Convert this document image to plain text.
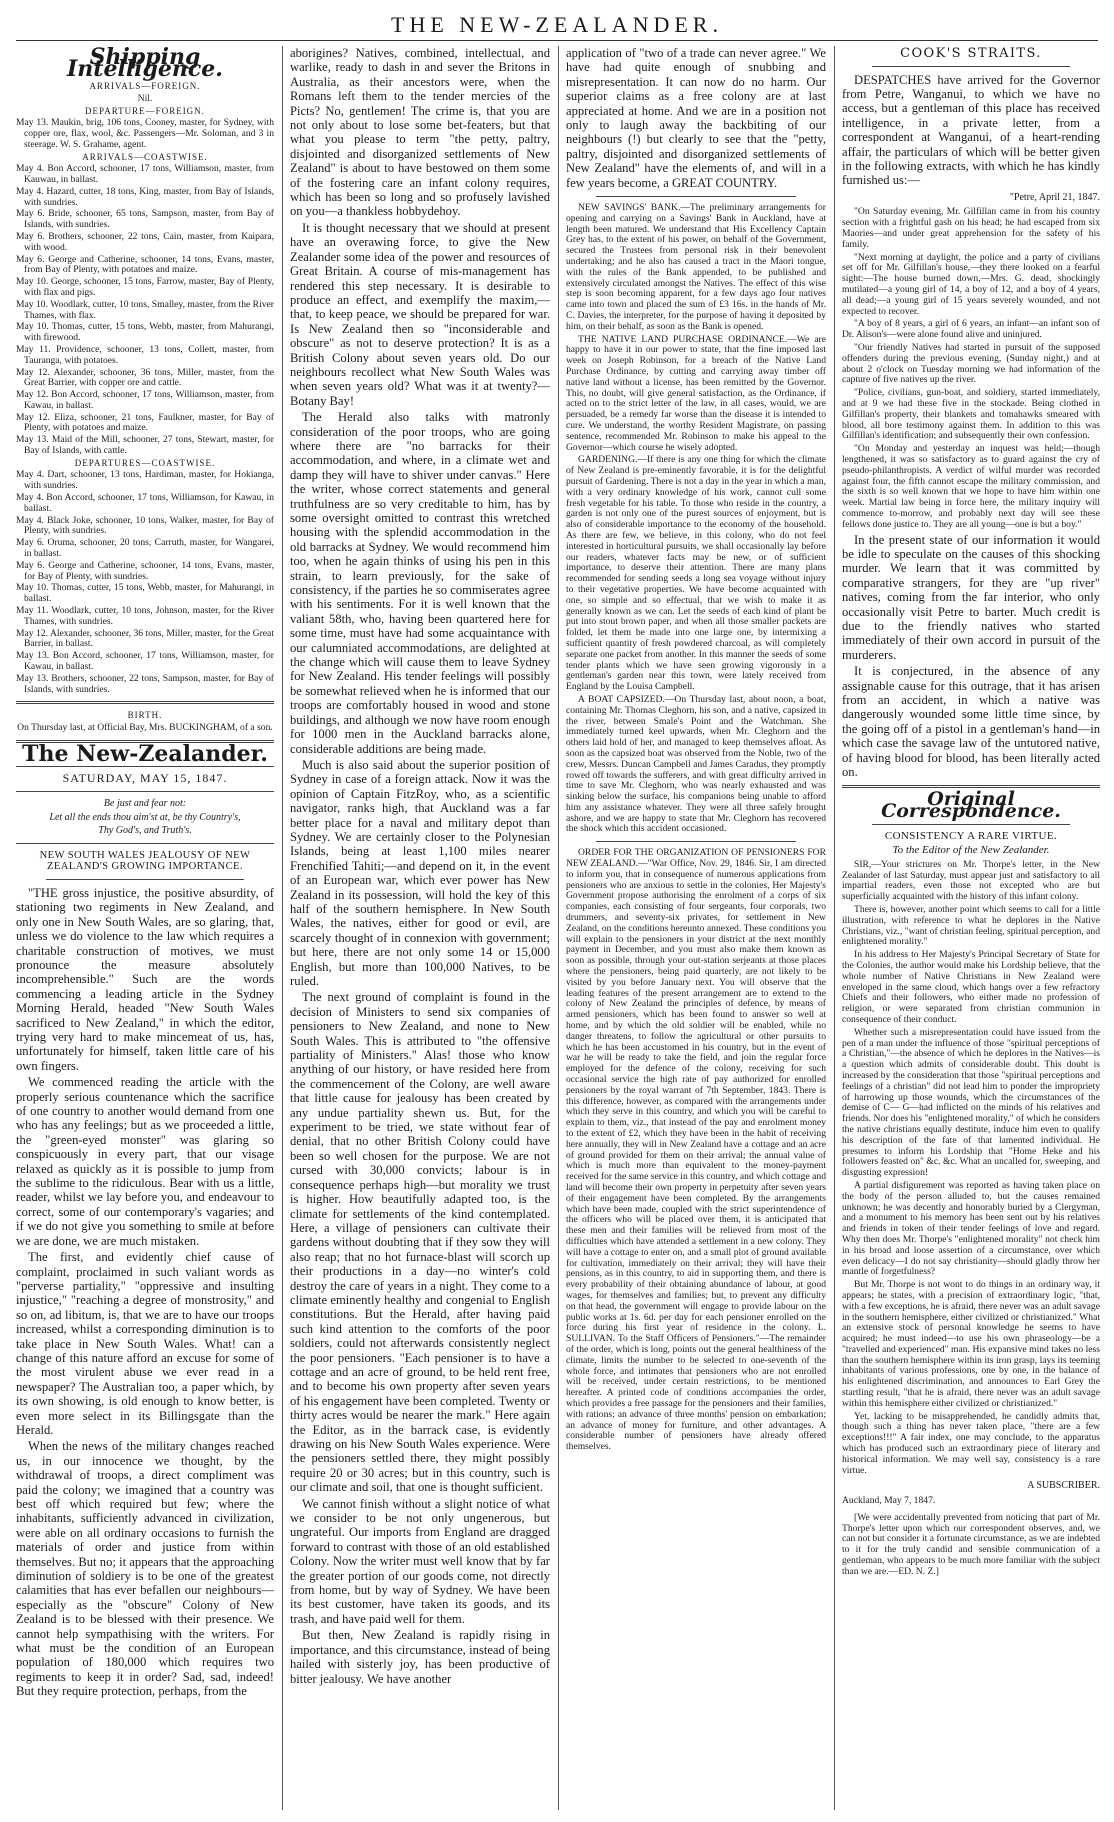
THE NEW-ZEALANDER.
Shipping Intelligence.
ARRIVALS—FOREIGN.
Nil.
DEPARTURE—FOREIGN.
May 13. Maukin, brig, 106 tons, Cooney, master, for Sydney, with copper ore, flax, wool, &c. Passengers—Mr. Soloman, and 3 in steerage. W. S. Grahame, agent.
ARRIVALS—COASTWISE.
May 4. Bon Accord, schooner, 17 tons, Williamson, master, from Kauwau, in ballast.
May 4. Hazard, cutter, 18 tons, King, master, from Bay of Islands, with sundries.
May 6. Bride, schooner, 65 tons, Sampson, master, from Bay of Islands, with sundries.
May 6. Brothers, schooner, 22 tons, Cain, master, from Kaipara, with wood.
May 6. George and Catherine, schooner, 14 tons, Evans, master, from Bay of Plenty, with potatoes and maize.
May 10. George, schooner, 15 tons, Farrow, master, Bay of Plenty, with flax and pigs.
May 10. Woodlark, cutter, 10 tons, Smalley, master, from the River Thames, with flax.
May 10. Thomas, cutter, 15 tons, Webb, master, from Mahurangi, with firewood.
May 11. Providence, schooner, 13 tons, Collett, master, from Tauranga, with potatoes.
May 12. Alexander, schooner, 36 tons, Miller, master, from the Great Barrier, with copper ore and cattle.
May 12. Bon Accord, schooner, 17 tons, Williamson, master, from Kawau, in ballast.
May 12. Eliza, schooner, 21 tons, Faulkner, master, for Bay of Plenty, with potatoes and maize.
May 13. Maid of the Mill, schooner, 27 tons, Stewart, master, for Bay of Islands, with cattle.
DEPARTURES—COASTWISE.
May 4. Dart, schooner, 13 tons, Hardiman, master, for Hokianga, with sundries.
May 4. Bon Accord, schooner, 17 tons, Williamson, for Kawau, in ballast.
May 4. Black Joke, schooner, 10 tons, Walker, master, for Bay of Plenty, with sundries.
May 6. Oruma, schooner, 20 tons, Carruth, master, for Wangarei, in ballast.
May 6. George and Catherine, schooner, 14 tons, Evans, master, for Bay of Plenty, with sundries.
May 10. Thomas, cutter, 15 tons, Webb, master, for Mahurangi, in ballast.
May 11. Woodlark, cutter, 10 tons, Johnson, master, for the River Thames, with sundries.
May 12. Alexander, schooner, 36 tons, Miller, master, for the Great Barrier, in ballast.
May 13. Bon Accord, schooner, 17 tons, Williamson, master, for Kawau, in ballast.
May 13. Brothers, schooner, 22 tons, Sampson, master, for Bay of Islands, with sundries.
BIRTH.
On Thursday last, at Official Bay, Mrs. BUCKINGHAM, of a son.
The New-Zealander.
SATURDAY, MAY 15, 1847.
Be just and fear not:
Let all the ends thou aim'st at, be thy Country's,
Thy God's, and Truth's.
NEW SOUTH WALES JEALOUSY OF NEW ZEALAND'S GROWING IMPORTANCE.

"THE gross injustice, the positive absurdity, of stationing two regiments in New Zealand, and only one in New South Wales, are so glaring, that, unless we do violence to the law which requires a charitable construction of motives, we must pronounce the measure absolutely incomprehensible." Such are the words commencing a leading article in the Sydney Morning Herald, headed "New South Wales sacrificed to New Zealand," in which the editor, trying very hard to make mincemeat of us, has, unfortunately for himself, taken little care of his own fingers.

We commenced reading the article with the properly serious countenance which the sacrifice of one country to another would demand from one who has any feelings; but as we proceeded a little, the "green-eyed monster" was glaring so conspicuously in every part, that our visage relaxed as quickly as it is possible to jump from the sublime to the ridiculous. Bear with us a little, reader, whilst we lay before you, and endeavour to correct, some of our contemporary's vagaries; and if we do not give you something to smile at before we are done, we are much mistaken.

The first, and evidently chief cause of complaint, proclaimed in such valiant words as "perverse partiality," "oppressive and insulting injustice," "reaching a degree of monstrosity," and so on, ad libitum, is, that we are to have our troops increased, whilst a corresponding diminution is to take place in New South Wales. What! can a change of this nature afford an excuse for some of the most virulent abuse we ever read in a newspaper? The Australian too, a paper which, by its own showing, is old enough to know better, is even more select in its Billingsgate than the Herald.

When the news of the military changes reached us, in our innocence we thought, by the withdrawal of troops, a direct compliment was paid the colony; we imagined that a country was best off which required but few; where the inhabitants, sufficiently advanced in civilization, were able on all ordinary occasions to furnish the materials of order and justice from within themselves. But no; it appears that the approaching diminution of soldiery is to be one of the greatest calamities that has ever befallen our neighbours—especially as the "obscure" Colony of New Zealand is to be blessed with their presence. We cannot help sympathising with the writers. For what must be the condition of an European population of 180,000 which requires two regiments to keep it in order? Sad, sad, indeed! But they require protection, perhaps, from the

aborigines? Natives, combined, intellectual, and warlike, ready to dash in and sever the Britons in Australia, as their ancestors were, when the Romans left them to the tender mercies of the Picts? No, gentlemen! The crime is, that you are not only about to lose some bet-featers, but that what you please to term "the petty, paltry, disjointed and disorganized settlements of New Zealand" is about to have bestowed on them some of the fostering care an infant colony requires, which has been so long and so profusely lavished on you—a thankless hobbydehoy.

It is thought necessary that we should at present have an overawing force, to give the New Zealander some idea of the power and resources of Great Britain. A course of mis-management has rendered this step necessary. It is desirable to produce an effect, and exemplify the maxim,—that, to keep peace, we should be prepared for war. Is New Zealand then so "inconsiderable and obscure" as not to deserve protection? It is as a British Colony about seven years old. Do our neighbours recollect what New South Wales was when seven years old? What was it at twenty?—Botany Bay!

The Herald also talks with matronly consideration of the poor troops, who are going where there are "no barracks for their accommodation, and where, in a climate wet and damp they will have to shiver under canvas." Here the writer, whose correct statements and general truthfulness are so very creditable to him, has by some oversight omitted to contrast this wretched housing with the splendid accommodation in the old barracks at Sydney. We would recommend him too, when he again thinks of using his pen in this strain, to learn previously, for the sake of consistency, if the parties he so commiserates agree with his sentiments. For it is well known that the valiant 58th, who, having been quartered here for some time, must have had some acquaintance with our calumniated accommodations, are delighted at the change which will cause them to leave Sydney for New Zealand. His tender feelings will possibly be somewhat relieved when he is informed that our troops are comfortably housed in wood and stone buildings, and although we now have room enough for 1000 men in the Auckland barracks alone, considerable additions are being made.

Much is also said about the superior position of Sydney in case of a foreign attack. Now it was the opinion of Captain FitzRoy, who, as a scientific navigator, ranks high, that Auckland was a far better place for a naval and military depot than Sydney. We are certainly closer to the Polynesian Islands, being at least 1,100 miles nearer Frenchified Tahiti;—and depend on it, in the event of an European war, which ever power has New Zealand in its possession, will hold the key of this half of the southern hemisphere. In New South Wales, the natives, either for good or evil, are scarcely thought of in connexion with government; but here, there are not only some 14 or 15,000 English, but more than 100,000 Natives, to be ruled.

The next ground of complaint is found in the decision of Ministers to send six companies of pensioners to New Zealand, and none to New South Wales. This is attributed to "the offensive partiality of Ministers." Alas! those who know anything of our history, or have resided here from the commencement of the Colony, are well aware that little cause for jealousy has been created by any undue partiality shewn us. But, for the experiment to be tried, we state without fear of denial, that no other British Colony could have been so well chosen for the purpose. We are not cursed with 30,000 convicts; labour is in consequence perhaps high—but morality we trust is higher. How beautifully adapted too, is the climate for settlements of the kind contemplated. Here, a village of pensioners can cultivate their gardens without doubting that if they sow they will also reap; that no hot furnace-blast will scorch up their productions in a day—no winter's cold destroy the care of years in a night. They come to a climate eminently healthy and congenial to English constitutions. But the Herald, after having paid such kind attention to the comforts of the poor soldiers, could not afterwards consistently neglect the poor pensioners. "Each pensioner is to have a cottage and an acre of ground, to be held rent free, and to become his own property after seven years of his engagement have been completed. Twenty or thirty acres would be nearer the mark." Here again the Editor, as in the barrack case, is evidently drawing on his New South Wales experience. Were the pensioners settled there, they might possibly require 20 or 30 acres; but in this country, such is our climate and soil, that one is thought sufficient.

We cannot finish without a slight notice of what we consider to be not only ungenerous, but ungrateful. Our imports from England are dragged forward to contrast with those of an old established Colony. Now the writer must well know that by far the greater portion of our goods come, not directly from home, but by way of Sydney. We have been its best customer, have taken its goods, and its trash, and have paid well for them.

But then, New Zealand is rapidly rising in importance, and this circumstance, instead of being hailed with sisterly joy, has been productive of bitter jealousy. We have another

application of "two of a trade can never agree." We have had quite enough of snubbing and misrepresentation. It can now do no harm. Our superior claims as a free colony are at last appreciated at home. And we are in a position not only to laugh away the backbiting of our neighbours (!) but clearly to see that the "petty, paltry, disjointed and disorganized settlements of New Zealand" have the elements of, and will in a few years become, a GREAT COUNTRY.

NEW SAVINGS' BANK.—The preliminary arrangements for opening and carrying on a Savings' Bank in Auckland, have at length been matured. We understand that His Excellency Captain Grey has, to the extent of his power, on behalf of the Government, secured the Trustees from personal risk in their benevolent undertaking; and he also has caused a tract in the Maori tongue, with the rules of the Bank appended, to be published and extensively circulated amongst the Natives. The effect of this wise step is soon becoming apparent, for a few days ago four natives came into town and placed the sum of £3 16s. in the hands of Mr. C. Davies, the interpreter, for the purpose of having it deposited by him, on their behalf, as soon as the Bank is opened.

THE NATIVE LAND PURCHASE ORDINANCE.—We are happy to have it in our power to state, that the fine imposed last week on Joseph Robinson, for a breach of the Native Land Purchase Ordinance, by cutting and carrying away timber off native land without a license, has been remitted by the Governor. This, no doubt, will give general satisfaction, as the Ordinance, if acted on to the strict letter of the law, in all cases, would, we are persuaded, be a remedy far worse than the disease it is intended to cure. We understand, the worthy Resident Magistrate, on passing sentence, recommended Mr. Robinson to make his appeal to the Governor—which course he wisely adopted.

GARDENING.—If there is any one thing for which the climate of New Zealand is pre-eminently favorable, it is for the delightful pursuit of Gardening. There is not a day in the year in which a man, with a very ordinary knowledge of his work, cannot cull some fresh vegetable for his table. To those who reside in the country, a garden is not only one of the purest sources of enjoyment, but is also of considerable importance to the economy of the household. As there are few, we believe, in this colony, who do not feel interested in horticultural pursuits, we shall occasionally lay before our readers, whatever facts may be new, or of sufficient importance, to deserve their attention. There are many plans recommended for sending seeds a long sea voyage without injury to their vegetative properties. We have become acquainted with one, so simple and so effectual, that we wish to make it as generally known as we can. Let the seeds of each kind of plant be put into stout brown paper, and when all those smaller packets are folded, let them be made into one large one, by intermixing a sufficient quantity of fresh powdered charcoal, as will completely separate one packet from another. In this manner the seeds of some tender plants which we have seen growing vigorously in a gentleman's garden near this town, were lately received from England by the Louisa Campbell.

A BOAT CAPSIZED.—On Thursday last, about noon, a boat, containing Mr. Thomas Cleghorn, his son, and a native, capsized in the river, between Smale's Point and the Watchman. She immediately turned keel upwards, when Mr. Cleghorn and the others laid hold of her, and managed to keep themselves afloat. As soon as the capsized boat was observed from the Noble, two of the crew, Messrs. Duncan Campbell and James Caradus, they promptly rowed off towards the sufferers, and with great difficulty arrived in time to save Mr. Cleghorn, who was nearly exhausted and was sinking below the surface, his companions being unable to afford him any assistance whatever. They were all three safely brought ashore, and we are happy to state that Mr. Cleghorn has recovered the shock which this accident occasioned.

ORDER FOR THE ORGANIZATION OF PENSIONERS FOR NEW ZEALAND.—"War Office, Nov. 29, 1846. Sir, I am directed to inform you, that in consequence of numerous applications from pensioners who are anxious to settle in the colonies, Her Majesty's Government propose authorising the enrolment of a corps of six companies, each consisting of four sergeants, four corporals, two drummers, and seventy-six privates, for settlement in New Zealand, on the conditions hereunto annexed. These conditions you will explain to the pensioners in your district at the next monthly payment in December, and you must also make them known as soon as possible, through your out-station serjeants at those places where the pensioners, being paid quarterly, are not likely to be visited by you before January next. You will observe that the leading features of the present arrangement are to extend to the colony of New Zealand the principles of defence, by means of armed pensioners, which has been found to answer so well at home, and by which the old soldier will be enabled, while no danger threatens, to follow the agricultural or other pursuits to which he has been accustomed in his country, but in the event of war he will be ready to take the field, and join the regular force employed for the defence of the colony, receiving for such occasional service the high rate of pay authorized for enrolled pensioners by the royal warrant of 7th September, 1843. There is this difference, however, as compared with the arrangements under which they serve in this country, and which you will be careful to explain to them, viz., that instead of the pay and enrolment money to the extent of £2, which they have been in the habit of receiving here annually, they will in New Zealand have a cottage and an acre of ground provided for them on their arrival; the annual value of which is much more than equivalent to the money-payment received for the same service in this country, and which cottage and land will become their own property in perpetuity after seven years of their engagement have been completed. By the arrangements which have been made, coupled with the strict superintendence of the officers who will be placed over them, it is anticipated that these men and their families will be relieved from most of the difficulties which have attended a settlement in a new colony. They will have a cottage to enter on, and a small plot of ground available for cultivation, immediately on their arrival; they will have their pensions, as in this country, to aid in supporting them, and there is every probability of their obtaining abundance of labour, at good wages, for themselves and families; but, to prevent any difficulty on that head, the government will engage to provide labour on the public works at 1s. 6d. per day for each pensioner enrolled on the force during his first year of residence in the colony. L. SULLIVAN. To the Staff Officers of Pensioners."—The remainder of the order, which is long, points out the general healthiness of the climate, limits the number to be selected to one-seventh of the whole force, and intimates that pensioners who are not enrolled will be received, under certain restrictions, to be mentioned hereafter. A printed code of conditions accompanies the order, which provides a free passage for the pensioners and their families, with rations; an advance of three months' pension on embarkation; an advance of money for furniture, and other advantages. A considerable number of pensioners have already offered themselves.

COOK'S STRAITS.

DESPATCHES have arrived for the Governor from Petre, Wanganui, to which we have no access, but a gentleman of this place has received intelligence, in a private letter, from a correspondent at Wanganui, of a heart-rending affair, the particulars of which will be better given in the following extracts, with which he has kindly furnished us:—

"Petre, April 21, 1847.

"On Saturday evening, Mr. Gilfillan came in from his country section with a frightful gash on his head; he had escaped from six Maories—and under great apprehension for the safety of his family.

"Next morning at daylight, the police and a party of civilians set off for Mr. Gilfillan's house,—they there looked on a fearful sight:—The house burned down,—Mrs. G. dead, shockingly mutilated—a young girl of 14, a boy of 12, and a boy of 4 years, all dead;—a young girl of 15 years severely wounded, and not expected to recover.

"A boy of 8 years, a girl of 6 years, an infant—an infant son of Dr. Alison's—were alone found alive and uninjured.

"Our friendly Natives had started in pursuit of the supposed offenders during the previous evening, (Sunday night,) and at about 2 o'clock on Tuesday morning we had information of the capture of five natives up the river.

"Police, civilians, gun-boat, and soldiery, started immediately, and at 9 we had these five in the stockade. Being clothed in Gilfillan's property, their blankets and tomahawks smeared with blood, all bore testimony against them. In addition to this was Gilfillan's identification; and subsequently their own confession.

"On Monday and yesterday an inquest was held;—though lengthened, it was so satisfactory as to guard against the cry of pseudo-philanthropists. A verdict of wilful murder was recorded against four, the fifth cannot escape the military commission, and the sixth is so well known that we hope to have him within one week. Martial law being in force here, the military inquiry will commence to-morrow, and probably next day will see these fellows done justice to. They are all young—one is but a boy."

In the present state of our information it would be idle to speculate on the causes of this shocking murder. We learn that it was committed by comparative strangers, for they are "up river" natives, coming from the far interior, who only occasionally visit Petre to barter. Much credit is due to the friendly natives who started immediately of their own accord in pursuit of the murderers.

It is conjectured, in the absence of any assignable cause for this outrage, that it has arisen from an accident, in which a native was dangerously wounded some little time since, by the going off of a pistol in a gentleman's hand—in which case the savage law of the untutored native, of having blood for blood, has been literally acted on.

Original Correspondence.
CONSISTENCY A RARE VIRTUE.
To the Editor of the New Zealander.

SIR,—Your strictures on Mr. Thorpe's letter, in the New Zealander of last Saturday, must appear just and satisfactory to all impartial readers, even those not excepted who are but superficially acquainted with the history of this infant colony.

There is, however, another point which seems to call for a little illustration, with reference to what he deplores in the Native Christians, viz., "want of christian feeling, spiritual perception, and enlightened morality."

In his address to Her Majesty's Principal Secretary of State for the Colonies, the author would make his Lordship believe, that the whole number of Native Christians in New Zealand were enveloped in the same cloud, which hangs over a few refractory Chiefs and their followers, who either made no profession of religion, or were separated from christian communion in consequence of their conduct.

Whether such a misrepresentation could have issued from the pen of a man under the influence of those "spiritual perceptions of a Christian,"—the absence of which he deplores in the Natives—is a question which admits of considerable doubt. This doubt is increased by the consideration that those "spiritual perceptions and feelings of a christian" did not lead him to ponder the impropriety of harrowing up those wounds, which the circumstances of the demise of C— G—had inflicted on the minds of his relatives and friends. Nor does his "enlightened morality," of which he considers the native christians equally destitute, induce him even to qualify his description of the fate of that lamented individual. He presumes to inform his Lordship that "Home Heke and his followers feasted on" &c. &c. What an uncalled for, sweeping, and disgusting expression!

A partial disfigurement was reported as having taken place on the body of the person alluded to, but the causes remained unknown; he was decently and honorably buried by a Clergyman, and a monument to his memory has been sent out by his relatives and friends in token of their tender feelings of love and regard. Why then does Mr. Thorpe's "enlightened morality" not check him in his broad and loose assertion of a circumstance, over which even delicacy—I do not say christianity—should gladly throw her mantle of forgetfulness?

But Mr. Thorpe is not wont to do things in an ordinary way, it appears; he states, with a precision of extraordinary logic, "that, with a few exceptions, he is afraid, there never was an adult savage in the southern hemisphere, either civilized or christianized." What an extensive stock of personal knowledge he seems to have acquired; he must indeed—to use his own phraseology—be a "travelled and experienced" man. His expansive mind takes no less than the southern hemisphere within its iron grasp, lays its teeming inhabitants of various professions, one by one, in the balance of his enlightened discrimination, and announces to Earl Grey the startling result, "that he is afraid, there never was an adult savage within this hemisphere either civilized or christianized."

Yet, lacking to be misapprehended, he candidly admits that, though such a thing has never taken place, "there are a few exceptions!!!" A fair index, one may conclude, to the apparatus which has produced such an extraordinary piece of literary and historical information. We may well say, consistency is a rare virtue.

A SUBSCRIBER.
Auckland, May 7, 1847.

[We were accidentally prevented from noticing that part of Mr. Thorpe's letter upon which our correspondent observes, and, we can not but consider it a fortunate circumstance, as we are indebted to it for the truly candid and sensible communication of a gentleman, who appears to be much more familiar with the subject than we are.—ED. N. Z.]
